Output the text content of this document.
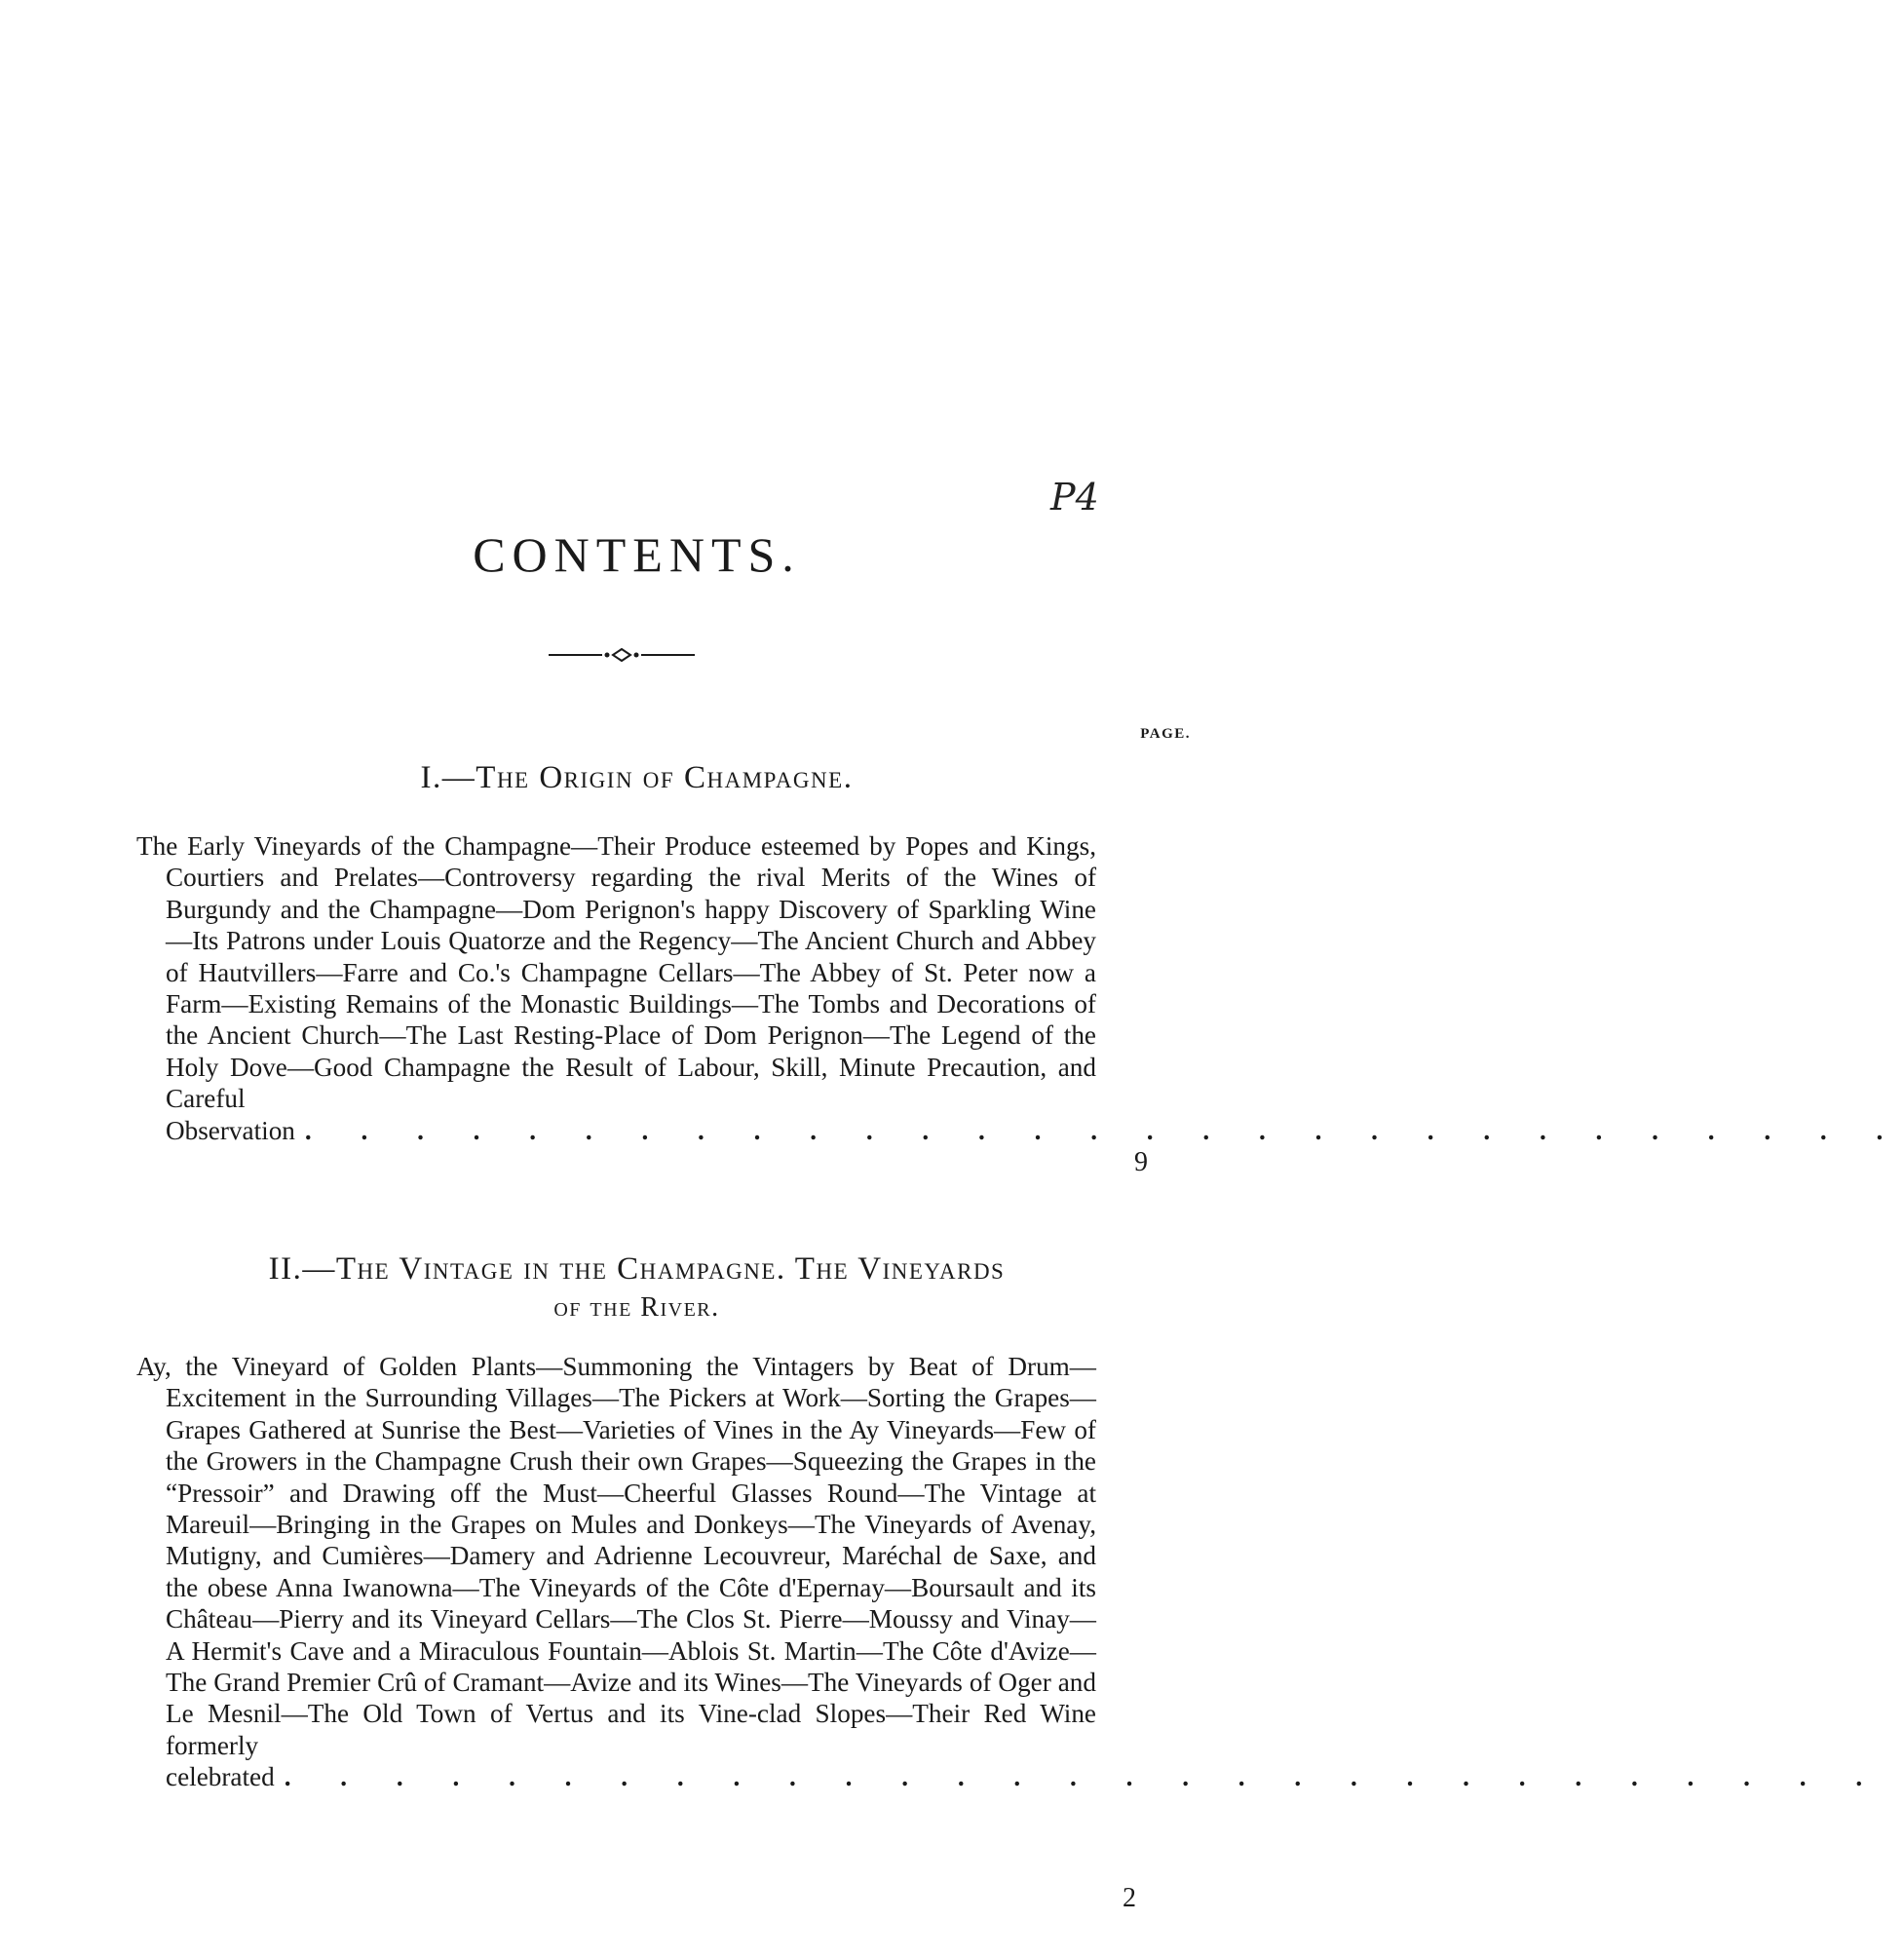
P4
CONTENTS.
PAGE.
I.—The Origin of Champagne.
The Early Vineyards of the Champagne—Their Produce esteemed by Popes and Kings, Courtiers and Prelates—Controversy regarding the rival Merits of the Wines of Burgundy and the Champagne—Dom Perignon's happy Discovery of Sparkling Wine—Its Patrons under Louis Quatorze and the Regency—The Ancient Church and Abbey of Hautvillers—Farre and Co.'s Champagne Cellars—The Abbey of St. Peter now a Farm—Existing Remains of the Monastic Buildings—The Tombs and Decorations of the Ancient Church—The Last Resting-Place of Dom Perignon—The Legend of the Holy Dove—Good Champagne the Result of Labour, Skill, Minute Precaution, and Careful
Observation . . . . . . . . . . . . . . . . . . . . . . . . . . . . .
9
II.—The Vintage in the Champagne. The Vineyards
of the River.
Ay, the Vineyard of Golden Plants—Summoning the Vintagers by Beat of Drum—Excitement in the Surrounding Villages—The Pickers at Work—Sorting the Grapes—Grapes Gathered at Sunrise the Best—Varieties of Vines in the Ay Vineyards—Few of the Growers in the Champagne Crush their own Grapes—Squeezing the Grapes in the “Pressoir” and Drawing off the Must—Cheerful Glasses Round—The Vintage at Mareuil—Bringing in the Grapes on Mules and Donkeys—The Vineyards of Avenay, Mutigny, and Cumières—Damery and Adrienne Lecouvreur, Maréchal de Saxe, and the obese Anna Iwanowna—The Vineyards of the Côte d'Epernay—Boursault and its Château—Pierry and its Vineyard Cellars—The Clos St. Pierre—Moussy and Vinay—A Hermit's Cave and a Miraculous Fountain—Ablois St. Martin—The Côte d'Avize—The Grand Premier Crû of Cramant—Avize and its Wines—The Vineyards of Oger and Le Mesnil—The Old Town of Vertus and its Vine-clad Slopes—Their Red Wine formerly
celebrated . . . . . . . . . . . . . . . . . . . . . . . . . . . . .
2
